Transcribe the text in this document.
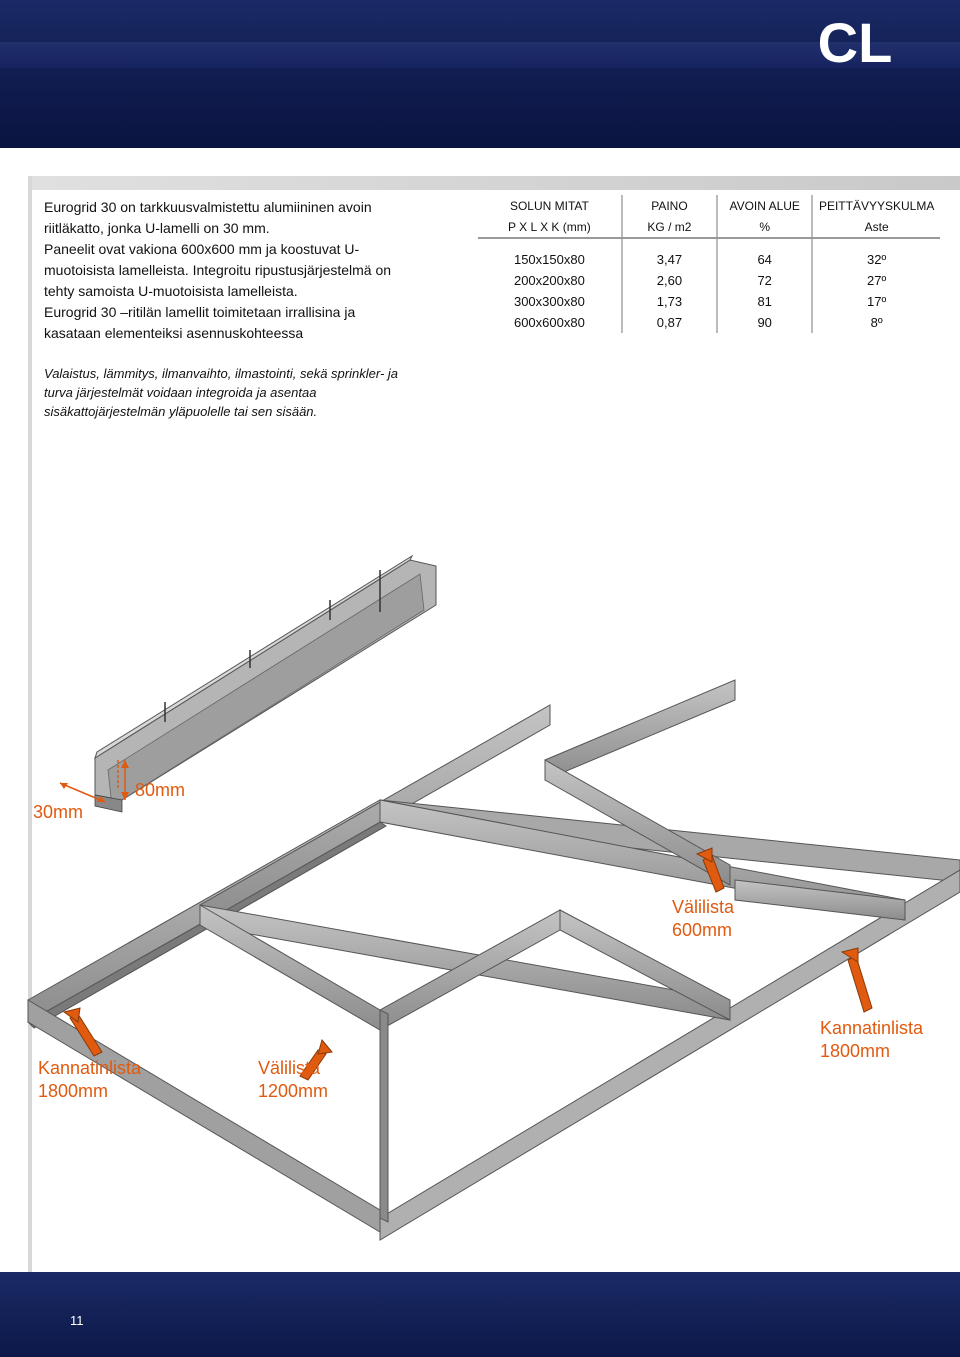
CL
Eurogrid 30 on tarkkuusvalmistettu alumiininen avoin
riitläkatto, jonka U-lamelli on 30 mm.
Paneelit ovat vakiona 600x600 mm ja koostuvat U-
muotoisista lamelleista. Integroitu ripustusjärjestelmä on
tehty samoista U-muotoisista lamelleista.
Eurogrid 30 –ritilän lamellit toimitetaan irrallisina ja
kasataan elementeiksi asennuskohteessa
Valaistus, lämmitys, ilmanvaihto, ilmastointi, sekä sprinkler- ja
turva järjestelmät voidaan integroida ja asentaa
sisäkattojärjestelmän yläpuolelle tai sen sisään.
SOLUN MITAT	PAINO	AVOIN ALUE	PEITTÄVYYSKULMA
P X L X K (mm)	KG / m2	%	Aste

150x150x80	3,47	64	32º
200x200x80	2,60	72	27º
300x300x80	1,73	81	17º
600x600x80	0,87	90	8º
30mm
80mm
Välilista
600mm
Kannatinlista
1800mm
Välilista
1200mm
Kannatinlista
1800mm
11
